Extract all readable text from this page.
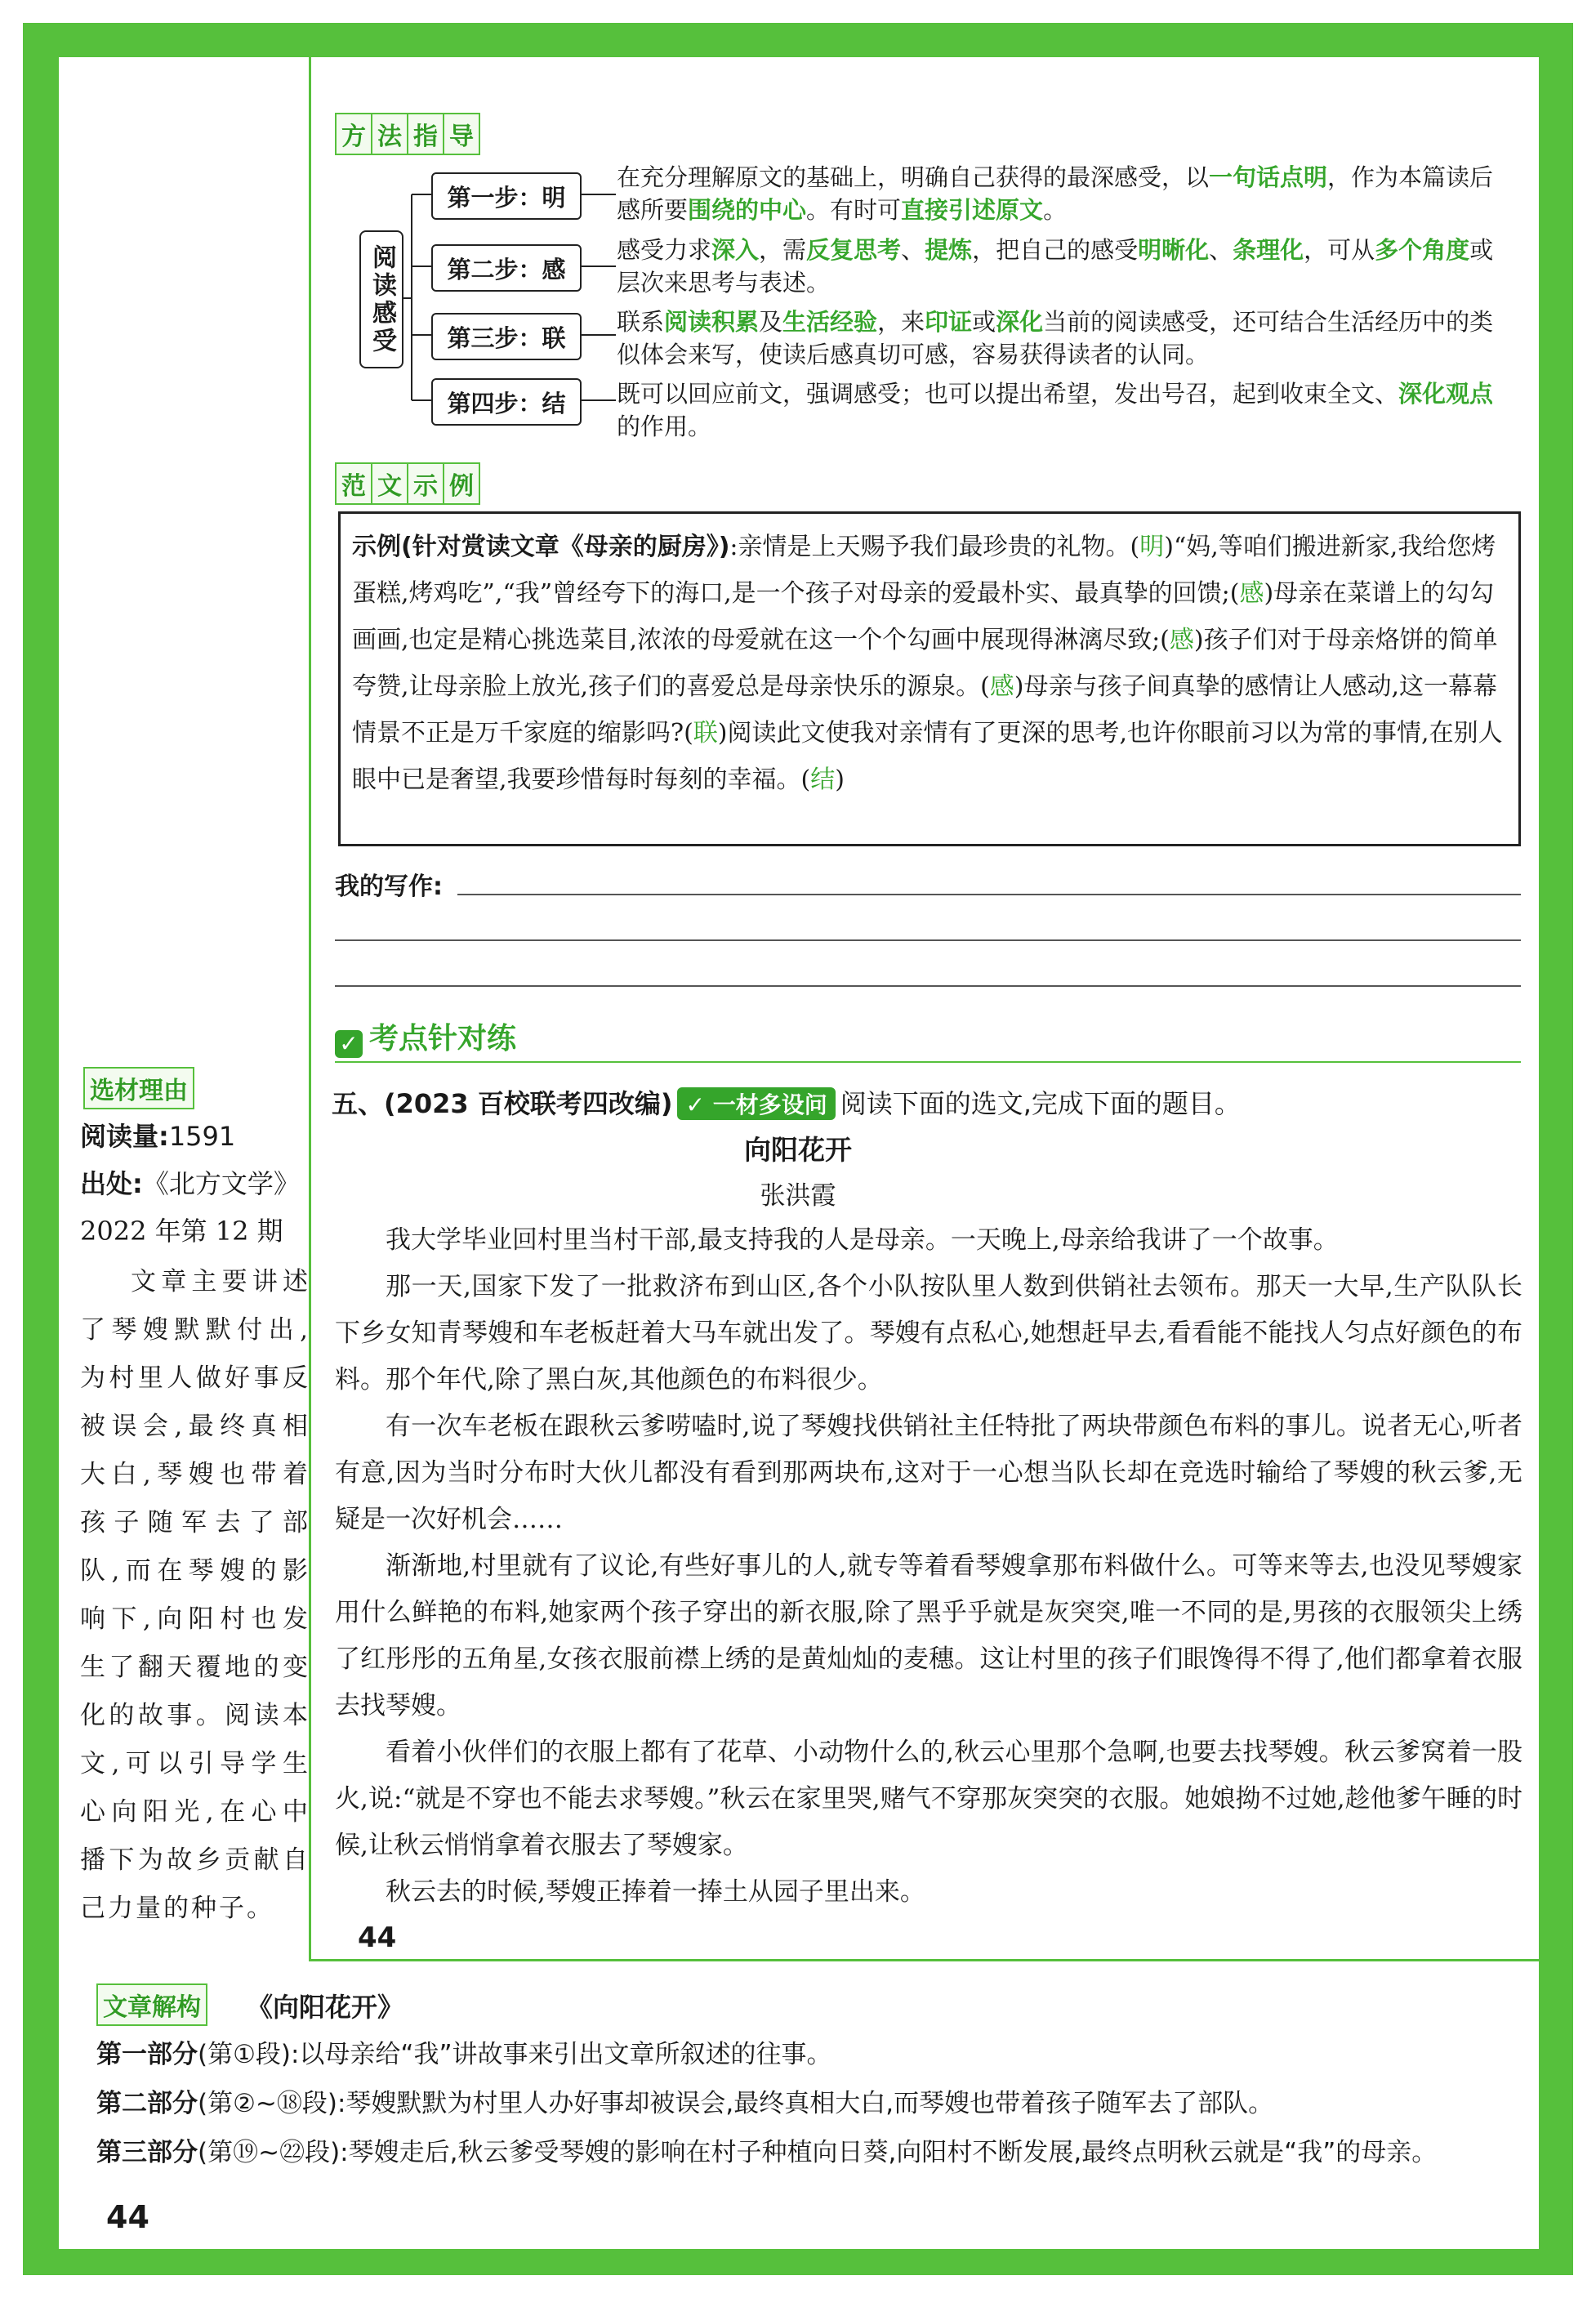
方 法 指 导
阅读感受
第一步：明
第二步：感
第三步：联
第四步：结
在充分理解原文的基础上，明确自己获得的最深感受，以一句话点明，作为本篇读后感所要围绕的中心。有时可直接引述原文。
感受力求深入，需反复思考、提炼，把自己的感受明晰化、条理化，可从多个角度或层次来思考与表述。
联系阅读积累及生活经验，来印证或深化当前的阅读感受，还可结合生活经历中的类似体会来写，使读后感真切可感，容易获得读者的认同。
既可以回应前文，强调感受；也可以提出希望，发出号召，起到收束全文、深化观点的作用。
范 文 示 例
示例(针对赏读文章《母亲的厨房》):亲情是上天赐予我们最珍贵的礼物。(明)“妈,等咱们搬进新家,我给您烤蛋糕,烤鸡吃”,“我”曾经夸下的海口,是一个孩子对母亲的爱最朴实、最真挚的回馈;(感)母亲在菜谱上的勾勾画画,也定是精心挑选菜目,浓浓的母爱就在这一个个勾画中展现得淋漓尽致;(感)孩子们对于母亲烙饼的简单夸赞,让母亲脸上放光,孩子们的喜爱总是母亲快乐的源泉。(感)母亲与孩子间真挚的感情让人感动,这一幕幕情景不正是万千家庭的缩影吗?(联)阅读此文使我对亲情有了更深的思考,也许你眼前习以为常的事情,在别人眼中已是奢望,我要珍惜每时每刻的幸福。(结)
我的写作:
✓ 考点针对练
五、(2023 百校联考四改编) ✓ 一材多设问 阅读下面的选文,完成下面的题目。
向阳花开
张洪霞
我大学毕业回村里当村干部,最支持我的人是母亲。一天晚上,母亲给我讲了一个故事。
那一天,国家下发了一批救济布到山区,各个小队按队里人数到供销社去领布。那天一大早,生产队队长下乡女知青琴嫂和车老板赶着大马车就出发了。琴嫂有点私心,她想赶早去,看看能不能找人匀点好颜色的布料。那个年代,除了黑白灰,其他颜色的布料很少。
有一次车老板在跟秋云爹唠嗑时,说了琴嫂找供销社主任特批了两块带颜色布料的事儿。说者无心,听者有意,因为当时分布时大伙儿都没有看到那两块布,这对于一心想当队长却在竞选时输给了琴嫂的秋云爹,无疑是一次好机会……
渐渐地,村里就有了议论,有些好事儿的人,就专等着看琴嫂拿那布料做什么。可等来等去,也没见琴嫂家用什么鲜艳的布料,她家两个孩子穿出的新衣服,除了黑乎乎就是灰突突,唯一不同的是,男孩的衣服领尖上绣了红彤彤的五角星,女孩衣服前襟上绣的是黄灿灿的麦穗。这让村里的孩子们眼馋得不得了,他们都拿着衣服去找琴嫂。
看着小伙伴们的衣服上都有了花草、小动物什么的,秋云心里那个急啊,也要去找琴嫂。秋云爹窝着一股火,说:“就是不穿也不能去求琴嫂。”秋云在家里哭,赌气不穿那灰突突的衣服。她娘拗不过她,趁他爹午睡的时候,让秋云悄悄拿着衣服去了琴嫂家。
秋云去的时候,琴嫂正捧着一捧土从园子里出来。
选材理由
阅读量:1591
出处:《北方文学》
2022 年第 12 期
文章主要讲述了琴嫂默默付出,为村里人做好事反被误会,最终真相大白,琴嫂也带着孩子随军去了部队,而在琴嫂的影响下,向阳村也发生了翻天覆地的变化的故事。阅读本文,可以引导学生心向阳光,在心中播下为故乡贡献自己力量的种子。
44
文章解构 《向阳花开》
第一部分(第①段):以母亲给“我”讲故事来引出文章所叙述的往事。
第二部分(第②~⑱段):琴嫂默默为村里人办好事却被误会,最终真相大白,而琴嫂也带着孩子随军去了部队。
第三部分(第⑲~㉒段):琴嫂走后,秋云爹受琴嫂的影响在村子种植向日葵,向阳村不断发展,最终点明秋云就是“我”的母亲。
44
